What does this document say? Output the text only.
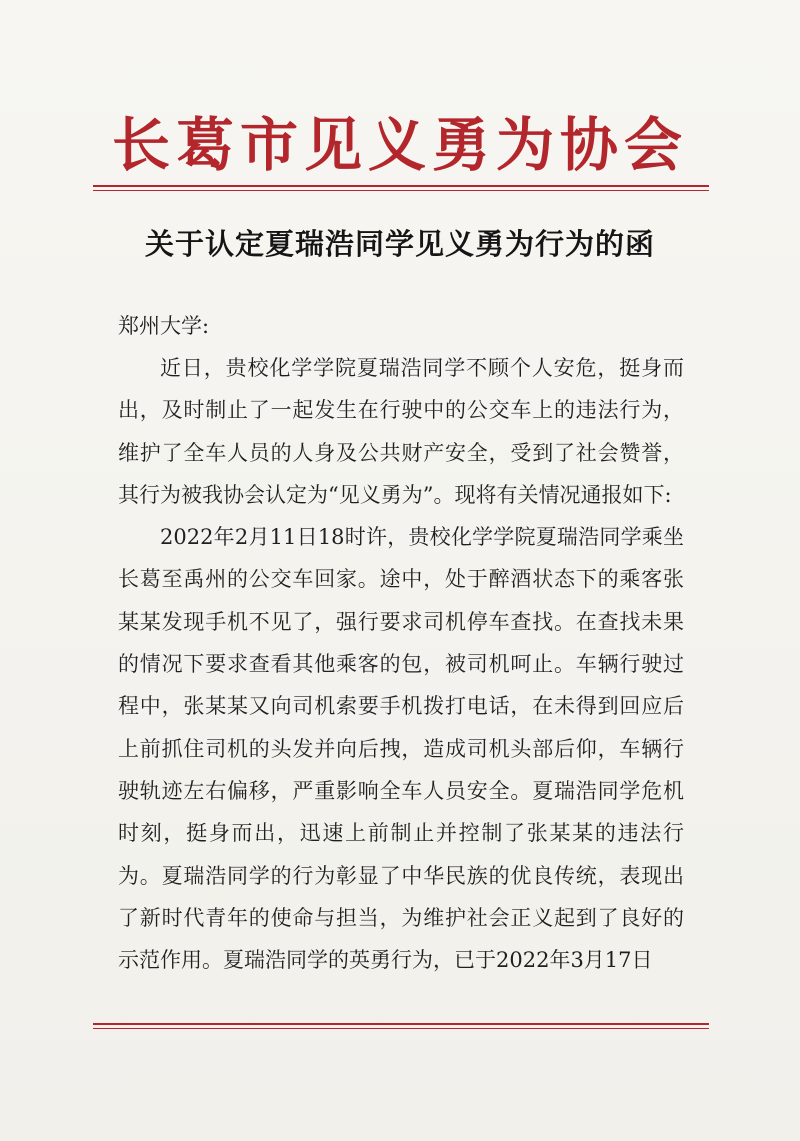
长葛市见义勇为协会
关于认定夏瑞浩同学见义勇为行为的函
郑州大学:

近日，贵校化学学院夏瑞浩同学不顾个人安危，挺身而出，及时制止了一起发生在行驶中的公交车上的违法行为，维护了全车人员的人身及公共财产安全，受到了社会赞誉，其行为被我协会认定为“见义勇为”。现将有关情况通报如下:

2022年2月11日18时许，贵校化学学院夏瑞浩同学乘坐长葛至禹州的公交车回家。途中，处于醉酒状态下的乘客张某某发现手机不见了，强行要求司机停车查找。在查找未果的情况下要求查看其他乘客的包，被司机呵止。车辆行驶过程中，张某某又向司机索要手机拨打电话，在未得到回应后上前抓住司机的头发并向后拽，造成司机头部后仰，车辆行驶轨迹左右偏移，严重影响全车人员安全。夏瑞浩同学危机时刻，挺身而出，迅速上前制止并控制了张某某的违法行为。夏瑞浩同学的行为彰显了中华民族的优良传统，表现出了新时代青年的使命与担当，为维护社会正义起到了良好的示范作用。夏瑞浩同学的英勇行为，已于2022年3月17日
